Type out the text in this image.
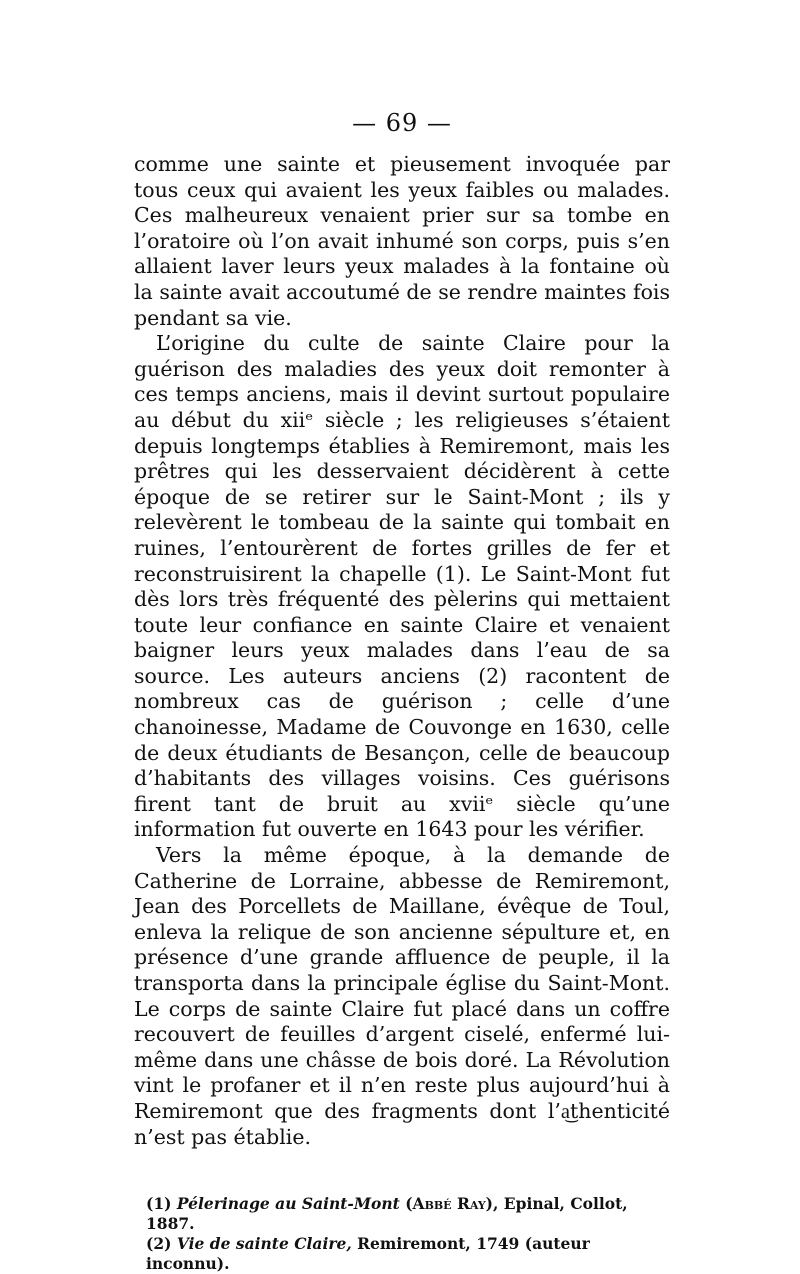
— 69 —

comme une sainte et pieusement invoquée par tous ceux qui avaient les yeux faibles ou malades. Ces malheureux venaient prier sur sa tombe en l’oratoire où l’on avait inhumé son corps, puis s’en allaient laver leurs yeux malades à la fontaine où la sainte avait accoutumé de se rendre maintes fois pendant sa vie.

L’origine du culte de sainte Claire pour la guérison des maladies des yeux doit remonter à ces temps anciens, mais il devint surtout populaire au début du xiiᵉ siècle ; les religieuses s’étaient depuis longtemps établies à Remiremont, mais les prêtres qui les desservaient décidèrent à cette époque de se retirer sur le Saint-Mont ; ils y relevèrent le tombeau de la sainte qui tombait en ruines, l’entourèrent de fortes grilles de fer et reconstruisirent la chapelle (1). Le Saint-Mont fut dès lors très fréquenté des pèlerins qui mettaient toute leur confiance en sainte Claire et venaient baigner leurs yeux malades dans l’eau de sa source. Les auteurs anciens (2) racontent de nombreux cas de guérison ; celle d’une chanoinesse, Madame de Couvonge en 1630, celle de deux étudiants de Besançon, celle de beaucoup d’habitants des villages voisins. Ces guérisons firent tant de bruit au xviiᵉ siècle qu’une information fut ouverte en 1643 pour les vérifier.

Vers la même époque, à la demande de Catherine de Lorraine, abbesse de Remiremont, Jean des Porcellets de Maillane, évêque de Toul, enleva la relique de son ancienne sépulture et, en présence d’une grande affluence de peuple, il la transporta dans la principale église du Saint-Mont. Le corps de sainte Claire fut placé dans un coffre recouvert de feuilles d’argent ciselé, enfermé lui-même dans une châsse de bois doré. La Révolution vint le profaner et il n’en reste plus aujourd’hui à Remiremont que des fragments dont l’a͜thenticité n’est pas établie.

(1) Pélerinage au Saint-Mont (Abbé Ray), Epinal, Collot, 1887.

(2) Vie de sainte Claire, Remiremont, 1749 (auteur inconnu).
